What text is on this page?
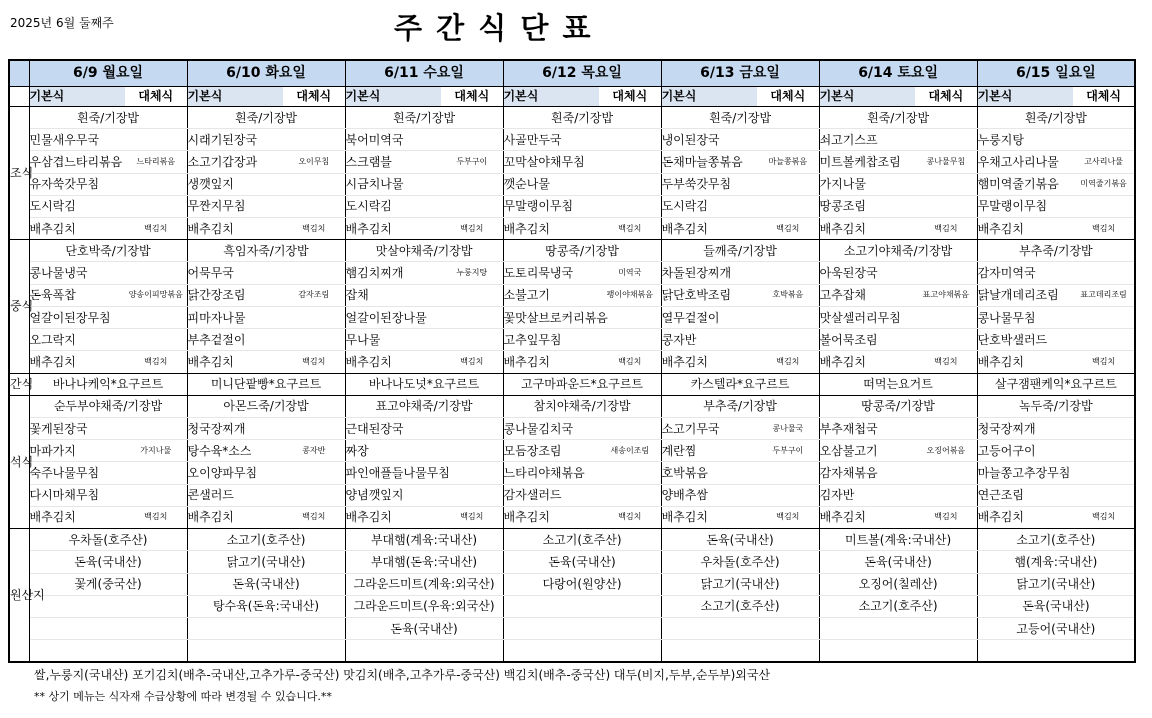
2025년 6월 둘째주	주 간 식 단 표
	6/9 월요일		6/10 화요일		6/11 수요일		6/12 목요일		6/13 금요일		6/14 토요일		6/15 일요일	
	기본식	대체식	기본식	대체식	기본식	대체식	기본식	대체식	기본식	대체식	기본식	대체식	기본식	대체식
조식	흰죽/기장밥		흰죽/기장밥		흰죽/기장밥		흰죽/기장밥		흰죽/기장밥		흰죽/기장밥		흰죽/기장밥	
	민물새우무국		시래기된장국		북어미역국		사골만두국		냉이된장국		쇠고기스프		누룽지탕	
	우삼겹느타리볶음	느타리볶음	소고기갑장과	오이무침	스크램블	두부구이	꼬막살야채무침		돈채마늘쫑볶음	마늘쫑볶음	미트볼케찹조림	콩나물무침	우채고사리나물	고사리나물
	유자쑥갓무침		생깻잎지		시금치나물		깻순나물		두부쑥갓무침		가지나물		햄미역줄기볶음	미역줄기볶음
	도시락김		무짠지무침		도시락김		무말랭이무침		도시락김		땅콩조림		무말랭이무침	
	배추김치	백김치	배추김치	백김치	배추김치	백김치	배추김치	백김치	배추김치	백김치	배추김치	백김치	배추김치	백김치
중식	단호박죽/기장밥		흑임자죽/기장밥		맛살야채죽/기장밥		땅콩죽/기장밥		들깨죽/기장밥		소고기야채죽/기장밥		부추죽/기장밥	
	콩나물냉국		어묵무국		햄김치찌개	누룽지탕	도토리묵냉국	미역국	차돌된장찌개		아욱된장국		감자미역국	
	돈육폭찹	양송이피망볶음	닭간장조림	감자조림	잡채		소불고기	팽이야채볶음	닭단호박조림	호박볶음	고추잡채	표고야채볶음	닭날개데리조림	표고데리조림
	얼갈이된장무침		피마자나물		얼갈이된장나물		꽃맛살브로커리볶음		열무겉절이		맛살셀러리무침		콩나물무침	
	오그락지		부추겉절이		무나물		고추잎무침		콩자반		볼어묵조림		단호박샐러드	
	배추김치	백김치	배추김치	백김치	배추김치	백김치	배추김치	백김치	배추김치	백김치	배추김치	백김치	배추김치	백김치
간식	바나나케익*요구르트		미니단팥빵*요구르트		바나나도넛*요구르트		고구마파운드*요구르트		카스텔라*요구르트		떠먹는요거트		살구잼팬케익*요구르트	
석식	순두부야채죽/기장밥		아몬드죽/기장밥		표고야채죽/기장밥		참치야채죽/기장밥		부추죽/기장밥		땅콩죽/기장밥		녹두죽/기장밥	
	꽃게된장국		청국장찌개		근대된장국		콩나물김치국		소고기무국	콩나물국	부추재첩국		청국장찌개	
	마파가지	가지나물	탕수육*소스	콩자반	짜장		모듬장조림	새송이조림	계란찜	두부구이	오삼불고기	오징어볶음	고등어구이	
	숙주나물무침		오이양파무침		파인애플들나물무침		느타리야채볶음		호박볶음		감자채볶음		마늘쫑고추장무침	
	다시마채무침		콘샐러드		양념깻잎지		감자샐러드		양배추쌈		김자반		연근조림	
	배추김치	백김치	배추김치	백김치	배추김치	백김치	배추김치	백김치	배추김치	백김치	배추김치	백김치	배추김치	백김치
원산지	우차돌(호주산)		소고기(호주산)		부대햄(계육:국내산)		소고기(호주산)		돈육(국내산)		미트볼(계육:국내산)		소고기(호주산)	
	돈육(국내산)		닭고기(국내산)		부대햄(돈육:국내산)		돈육(국내산)		우차돌(호주산)		돈육(국내산)		햄(계육:국내산)	
	꽃게(중국산)		돈육(국내산)		그라운드미트(계육:외국산)		다랑어(원양산)		닭고기(국내산)		오징어(칠레산)		닭고기(국내산)	
			탕수육(돈육:국내산)		그라운드미트(우육:외국산)				소고기(호주산)		소고기(호주산)		돈육(국내산)	
					돈육(국내산)								고등어(국내산)	

쌀,누룽지(국내산) 포기김치(배추-국내산,고추가루-중국산) 맛김치(배추,고추가루-중국산) 백김치(배추-중국산) 대두(비지,두부,순두부)외국산
** 상기 메뉴는 식자재 수급상황에 따라 변경될 수 있습니다.**
